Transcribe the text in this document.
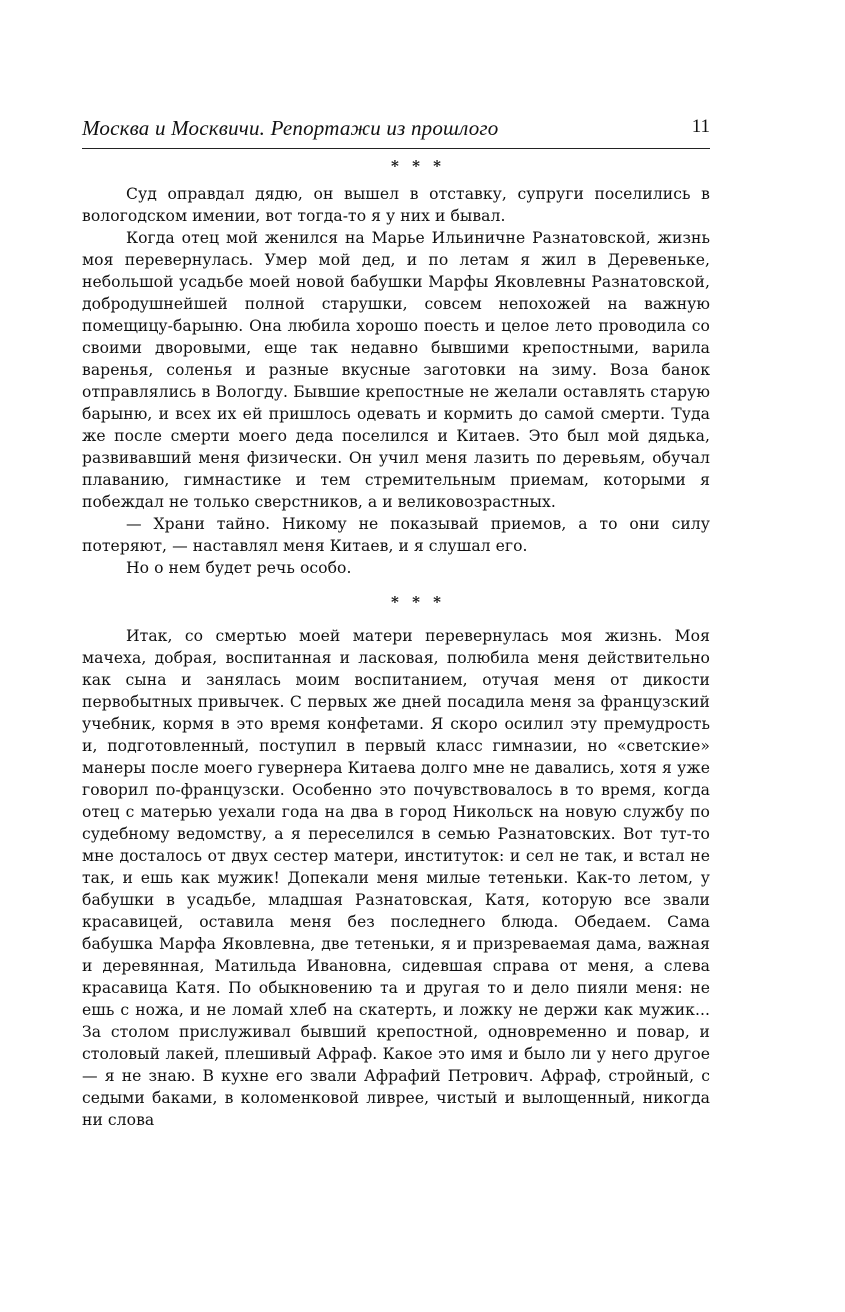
Москва и Москвичи. Репортажи из прошлого	11

* * *

Суд оправдал дядю, он вышел в отставку, супруги поселились в вологодском имении, вот тогда-то я у них и бывал.

Когда отец мой женился на Марье Ильиничне Разнатовской, жизнь моя перевернулась. Умер мой дед, и по летам я жил в Деревеньке, небольшой усадьбе моей новой бабушки Марфы Яковлевны Разнатовской, добродушнейшей полной старушки, совсем непохожей на важную помещицу-барыню. Она любила хорошо поесть и целое лето проводила со своими дворовыми, еще так недавно бывшими крепостными, варила варенья, соленья и разные вкусные заготовки на зиму. Воза банок отправлялись в Вологду. Бывшие крепостные не желали оставлять старую барыню, и всех их ей пришлось одевать и кормить до самой смерти. Туда же после смерти моего деда поселился и Китаев. Это был мой дядька, развивавший меня физически. Он учил меня лазить по деревьям, обучал плаванию, гимнастике и тем стремительным приемам, которыми я побеждал не только сверстников, а и великовозрастных.

— Храни тайно. Никому не показывай приемов, а то они силу потеряют, — наставлял меня Китаев, и я слушал его.

Но о нем будет речь особо.

* * *

Итак, со смертью моей матери перевернулась моя жизнь. Моя мачеха, добрая, воспитанная и ласковая, полюбила меня действительно как сына и занялась моим воспитанием, отучая меня от дикости первобытных привычек. С первых же дней посадила меня за французский учебник, кормя в это время конфетами. Я скоро осилил эту премудрость и, подготовленный, поступил в первый класс гимназии, но «светские» манеры после моего гувернера Китаева долго мне не давались, хотя я уже говорил по-французски. Особенно это почувствовалось в то время, когда отец с матерью уехали года на два в город Никольск на новую службу по судебному ведомству, а я переселился в семью Разнатовских. Вот тут-то мне досталось от двух сестер матери, институток: и сел не так, и встал не так, и ешь как мужик! Допекали меня милые тетеньки. Как-то летом, у бабушки в усадьбе, младшая Разнатовская, Катя, которую все звали красавицей, оставила меня без последнего блюда. Обедаем. Сама бабушка Марфа Яковлевна, две тетеньки, я и призреваемая дама, важная и деревянная, Матильда Ивановна, сидевшая справа от меня, а слева красавица Катя. По обыкновению та и другая то и дело пияли меня: не ешь с ножа, и не ломай хлеб на скатерть, и ложку не держи как мужик... За столом прислуживал бывший крепостной, одновременно и повар, и столовый лакей, плешивый Афраф. Какое это имя и было ли у него другое — я не знаю. В кухне его звали Афрафий Петрович. Афраф, стройный, с седыми баками, в коломенковой ливрее, чистый и вылощенный, никогда ни слова
